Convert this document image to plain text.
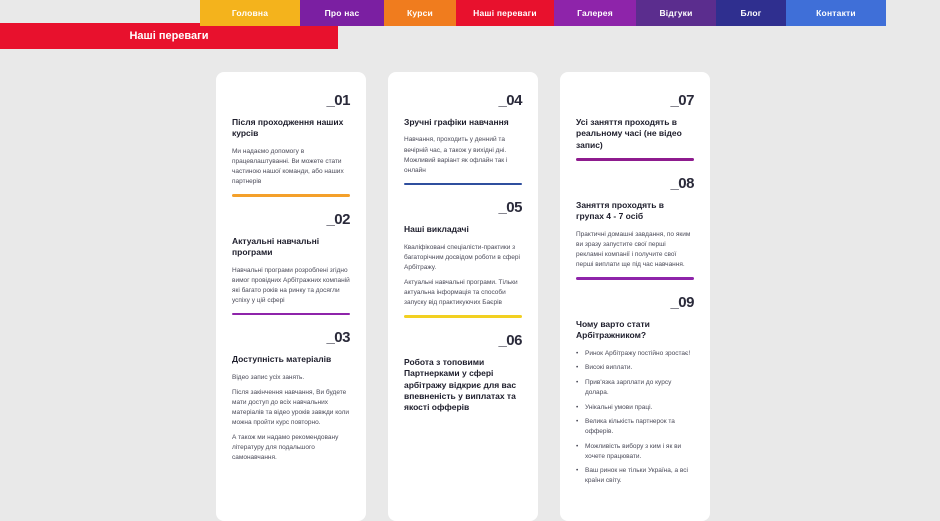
Головна	Про нас	Курси	Наші переваги	Галерея	Відгуки	Блог	Контакти
Наші переваги
_01
Після проходження наших курсів
Ми надаємо допомогу в працевлаштуванні. Ви можете стати частиною нашої команди, або наших партнерів
_02
Актуальні навчальні програми
Навчальні програми розроблені згідно вимог провідних Арбітражних компаній які багато років на ринку та досягли успіху у цій сфері
_03
Доступність матеріалів
Відео запис усіх занять.
Після закінчення навчання, Ви будете мати доступ до всіх навчальних матеріалів та відео уроків завжди коли можна пройти курс повторно.
А також ми надамо рекомендовану літературу для подальшого самонавчання.
_04
Зручні графіки навчання
Навчання, проходить у денний та вечірній час, а також у вихідні дні. Можливий варіант як офлайн так і онлайн
_05
Наші викладачі
Кваліфіковані спеціалісти-практики з багаторічним досвідом роботи в сфері Арбітражу.
Актуальні навчальні програми. Тільки актуальна інформація та способи запуску від практикуючих Баєрів
_06
Робота з топовими Партнерками у сфері арбітражу відкриє для вас впевненість у виплатах та якості офферів
_07
Усі заняття проходять в реальному часі (не відео запис)
_08
Заняття проходять в групах 4 - 7 осіб
Практичні домашні завдання, по яким ви зразу запустите свої перші рекламні компанії і получите свої перші виплати ще під час навчання.
_09
Чому варто стати Арбітражником?
• Ринок Арбітражу постійно зростає!
• Високі виплати.
• Прив'язка зарплати до курсу долара.
• Унікальні умови праці.
• Велика кількість партнерок та офферів.
• Можливість вибору з ким і як ви хочете працювати.
• Ваш ринок не тільки Україна, а всі країни світу.
